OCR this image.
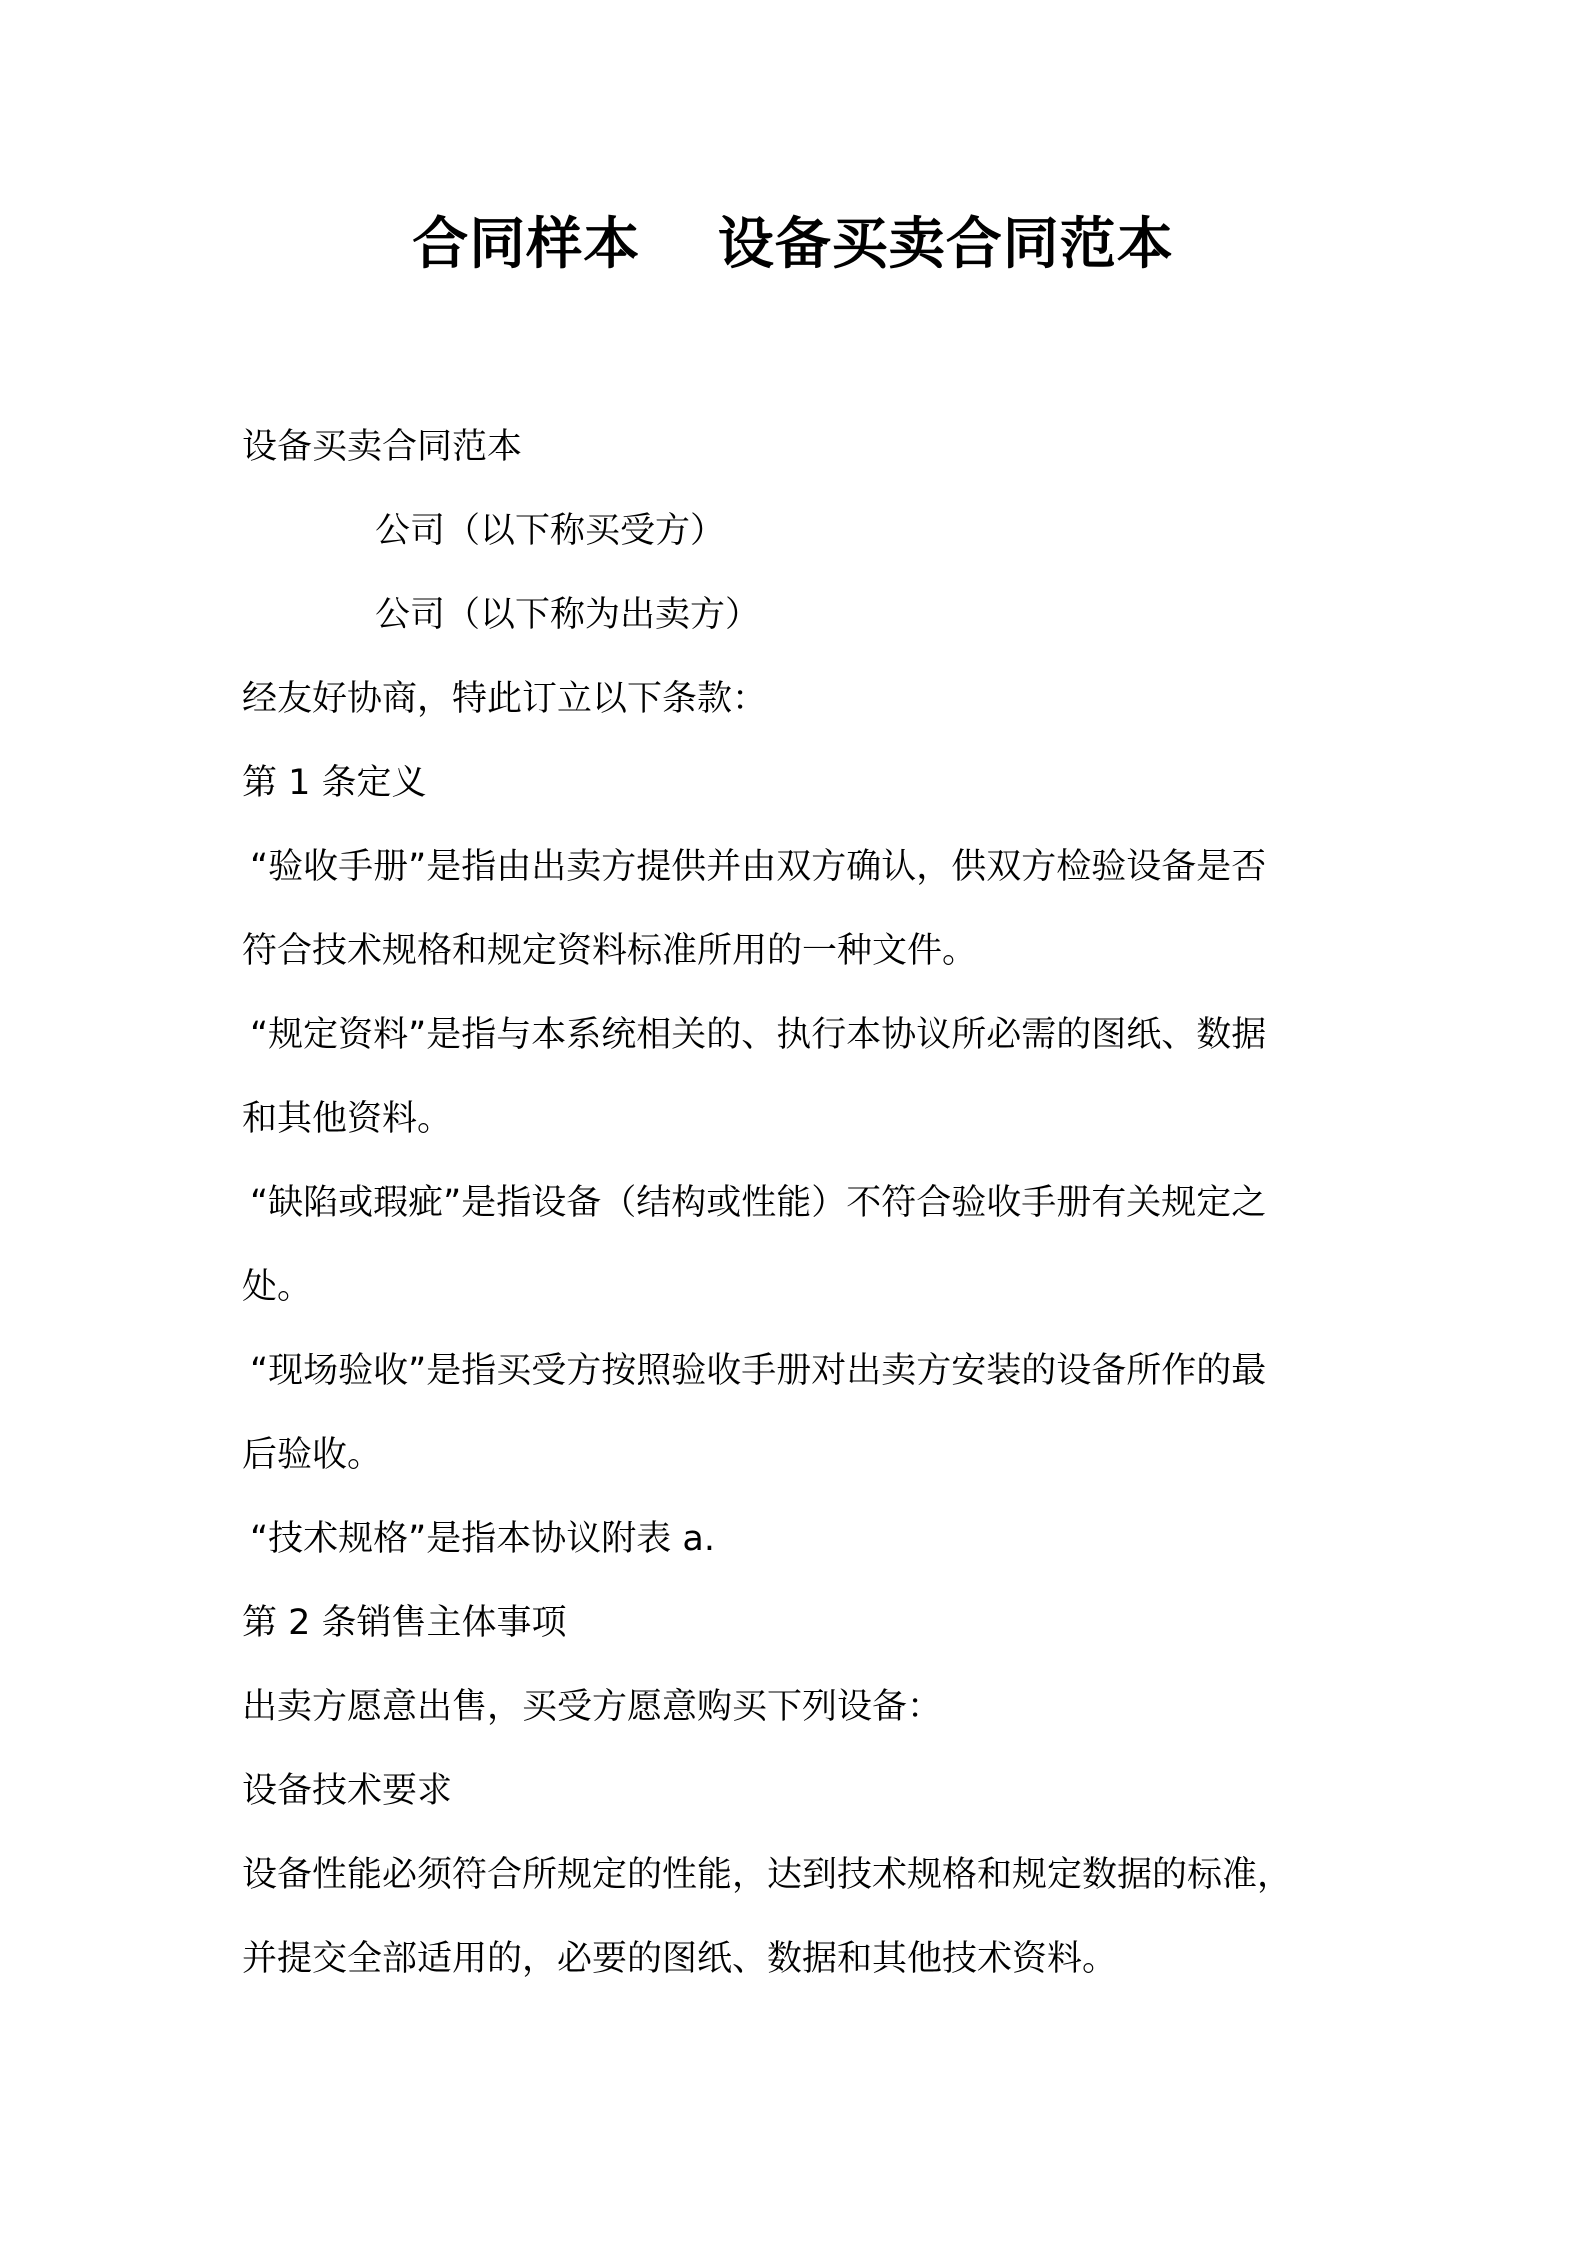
合同样本　 设备买卖合同范本

设备买卖合同范本

公司（以下称买受方）

公司（以下称为出卖方）

经友好协商，特此订立以下条款：

第 1 条定义

“验收手册”是指由出卖方提供并由双方确认，供双方检验设备是否

符合技术规格和规定资料标准所用的一种文件。

“规定资料”是指与本系统相关的、执行本协议所必需的图纸、数据

和其他资料。

“缺陷或瑕疵”是指设备（结构或性能）不符合验收手册有关规定之

处。

“现场验收”是指买受方按照验收手册对出卖方安装的设备所作的最

后验收。

“技术规格”是指本协议附表 a.

第 2 条销售主体事项

出卖方愿意出售，买受方愿意购买下列设备：

设备技术要求

设备性能必须符合所规定的性能，达到技术规格和规定数据的标准，

并提交全部适用的，必要的图纸、数据和其他技术资料。
